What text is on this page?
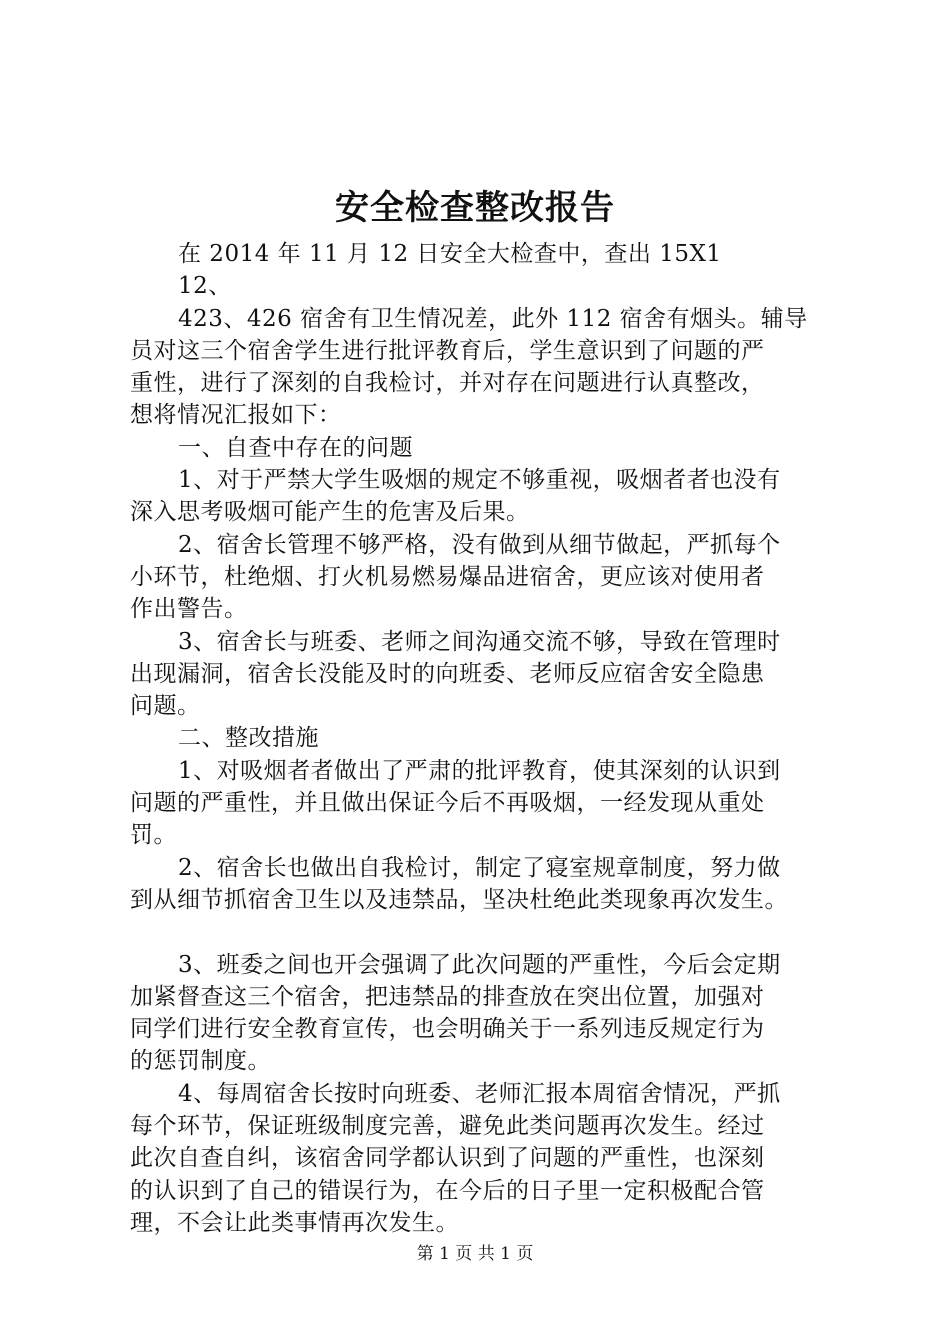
安全检查整改报告
在 2014 年 11 月 12 日安全大检查中，查出 15X1
12、
423、426 宿舍有卫生情况差，此外 112 宿舍有烟头。辅导
员对这三个宿舍学生进行批评教育后，学生意识到了问题的严
重性，进行了深刻的自我检讨，并对存在问题进行认真整改，
想将情况汇报如下：
一、自查中存在的问题
1、对于严禁大学生吸烟的规定不够重视，吸烟者者也没有
深入思考吸烟可能产生的危害及后果。
2、宿舍长管理不够严格，没有做到从细节做起，严抓每个
小环节，杜绝烟、打火机易燃易爆品进宿舍，更应该对使用者
作出警告。
3、宿舍长与班委、老师之间沟通交流不够，导致在管理时
出现漏洞，宿舍长没能及时的向班委、老师反应宿舍安全隐患
问题。
二、整改措施
1、对吸烟者者做出了严肃的批评教育，使其深刻的认识到
问题的严重性，并且做出保证今后不再吸烟，一经发现从重处
罚。
2、宿舍长也做出自我检讨，制定了寝室规章制度，努力做
到从细节抓宿舍卫生以及违禁品，坚决杜绝此类现象再次发生。
3、班委之间也开会强调了此次问题的严重性，今后会定期
加紧督查这三个宿舍，把违禁品的排查放在突出位置，加强对
同学们进行安全教育宣传，也会明确关于一系列违反规定行为
的惩罚制度。
4、每周宿舍长按时向班委、老师汇报本周宿舍情况，严抓
每个环节，保证班级制度完善，避免此类问题再次发生。经过
此次自查自纠，该宿舍同学都认识到了问题的严重性，也深刻
的认识到了自己的错误行为，在今后的日子里一定积极配合管
理，不会让此类事情再次发生。
第 1 页 共 1 页
